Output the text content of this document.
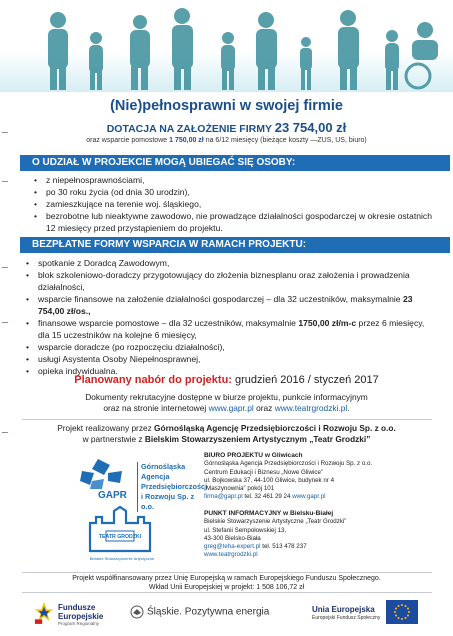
(Nie)pełnosprawni w swojej firmie
DOTACJA NA ZAŁOŻENIE FIRMY 23 754,00 zł
oraz wsparcie pomostowe 1 750,00 zł na 6/12 miesięcy (bieżące koszty —ZUS, US, biuro)
O UDZIAŁ W PROJEKCIE MOGĄ UBIEGAĆ SIĘ OSOBY:
• z niepełnosprawnościami,
• po 30 roku życia (od dnia 30 urodzin),
• zamieszkujące na terenie woj. śląskiego,
• bezrobotne lub nieaktywne zawodowo, nie prowadzące działalności gospodarczej w okresie ostatnich 12 miesięcy przed przystąpieniem do projektu.
BEZPŁATNE FORMY WSPARCIA W RAMACH PROJEKTU:
• spotkanie z Doradcą Zawodowym,
• blok szkoleniowo-doradczy przygotowujący do złożenia biznesplanu oraz założenia i prowadzenia działalności,
• wsparcie finansowe na założenie działalności gospodarczej – dla 32 uczestników, maksymalnie 23 754,00 zł/os.,
• finansowe wsparcie pomostowe – dla 32 uczestników, maksymalnie 1750,00 zł/m-c przez 6 miesięcy, dla 15 uczestników na kolejne 6 miesięcy,
• wsparcie doradcze (po rozpoczęciu działalności),
• usługi Asystenta Osoby Niepełnosprawnej,
• opieka indywidualna.
Planowany nabór do projektu: grudzień 2016 / styczeń 2017
Dokumenty rekrutacyjne dostępne w biurze projektu, punkcie informacyjnym
oraz na stronie internetowej www.gapr.pl oraz www.teatrgrodzki.pl.
Projekt realizowany przez Górnośląską Agencję Przedsiębiorczości i Rozwoju Sp. z o.o.
w partnerstwie z Bielskim Stowarzyszeniem Artystycznym „Teatr Grodzki”
GAPR
Górnośląska
Agencja
Przedsiębiorczości
i Rozwoju Sp. z o.o.
TEATR GRODZKI
Bielskie Stowarzyszenie Artystyczne
BIURO PROJEKTU w Gliwicach
Górnośląska Agencja Przedsiębiorczości i Rozwoju Sp. z o.o.
Centrum Edukacji i Biznesu „Nowe Gliwice”
ul. Bojkowska 37, 44-100 Gliwice, budynek nr 4
„Maszynownia” pokój 101
firma@gapr.pl tel. 32 461 29 24 www.gapr.pl
PUNKT INFORMACYJNY w Bielsku-Białej
Bielskie Stowarzyszenie Artystyczne „Teatr Grodzki”
ul. Stefanii Sempołowskiej 13,
43-300 Bielsko-Biała
greg@teha-expert.pl tel. 513 478 237
www.teatrgrodzki.pl
Projekt współfinansowany przez Unię Europejską w ramach Europejskiego Funduszu Społecznego.
Wkład Unii Europejskiej w projekt: 1 508 106,72 zł
Fundusze
Europejskie
Program Regionalny
Śląskie. Pozytywna energia	Unia Europejska
Europejski Fundusz Społeczny
